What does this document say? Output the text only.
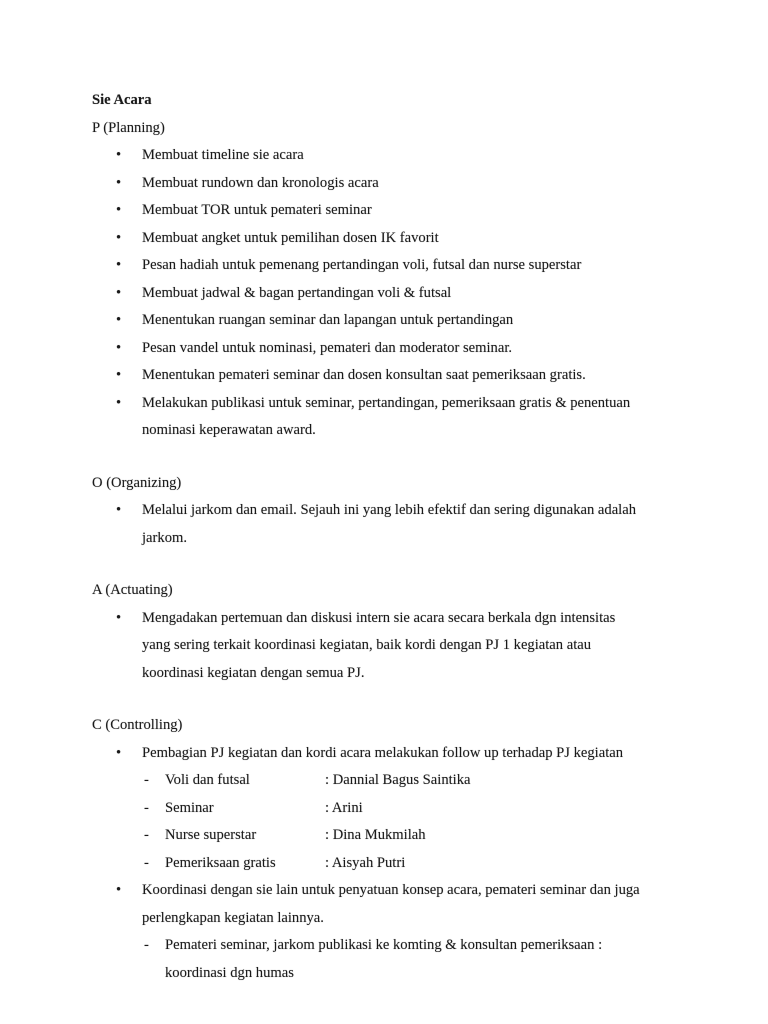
Sie Acara
P (Planning)
•	Membuat timeline sie acara
•	Membuat rundown dan kronologis acara
•	Membuat TOR untuk pemateri seminar
•	Membuat angket untuk pemilihan dosen IK favorit
•	Pesan hadiah untuk pemenang pertandingan voli, futsal dan nurse superstar
•	Membuat jadwal & bagan pertandingan voli & futsal
•	Menentukan ruangan seminar dan lapangan untuk pertandingan
•	Pesan vandel untuk nominasi, pemateri dan moderator seminar.
•	Menentukan pemateri seminar dan dosen konsultan saat pemeriksaan gratis.
•	Melakukan publikasi untuk seminar, pertandingan, pemeriksaan gratis & penentuan
nominasi keperawatan award.
O (Organizing)
•	Melalui jarkom dan email. Sejauh ini yang lebih efektif dan sering digunakan adalah
jarkom.
A (Actuating)
•	Mengadakan pertemuan dan diskusi intern sie acara secara berkala dgn intensitas
yang sering terkait koordinasi kegiatan, baik kordi dengan PJ 1 kegiatan atau
koordinasi kegiatan dengan semua PJ.
C (Controlling)
•	Pembagian PJ kegiatan dan kordi acara melakukan follow up terhadap PJ kegiatan
-	Voli dan futsal	: Dannial Bagus Saintika
-	Seminar	: Arini
-	Nurse superstar	: Dina Mukmilah
-	Pemeriksaan gratis	: Aisyah Putri
•	Koordinasi dengan sie lain untuk penyatuan konsep acara, pemateri seminar dan juga
perlengkapan kegiatan lainnya.
-	Pemateri seminar, jarkom publikasi ke komting & konsultan pemeriksaan :
koordinasi dgn humas
